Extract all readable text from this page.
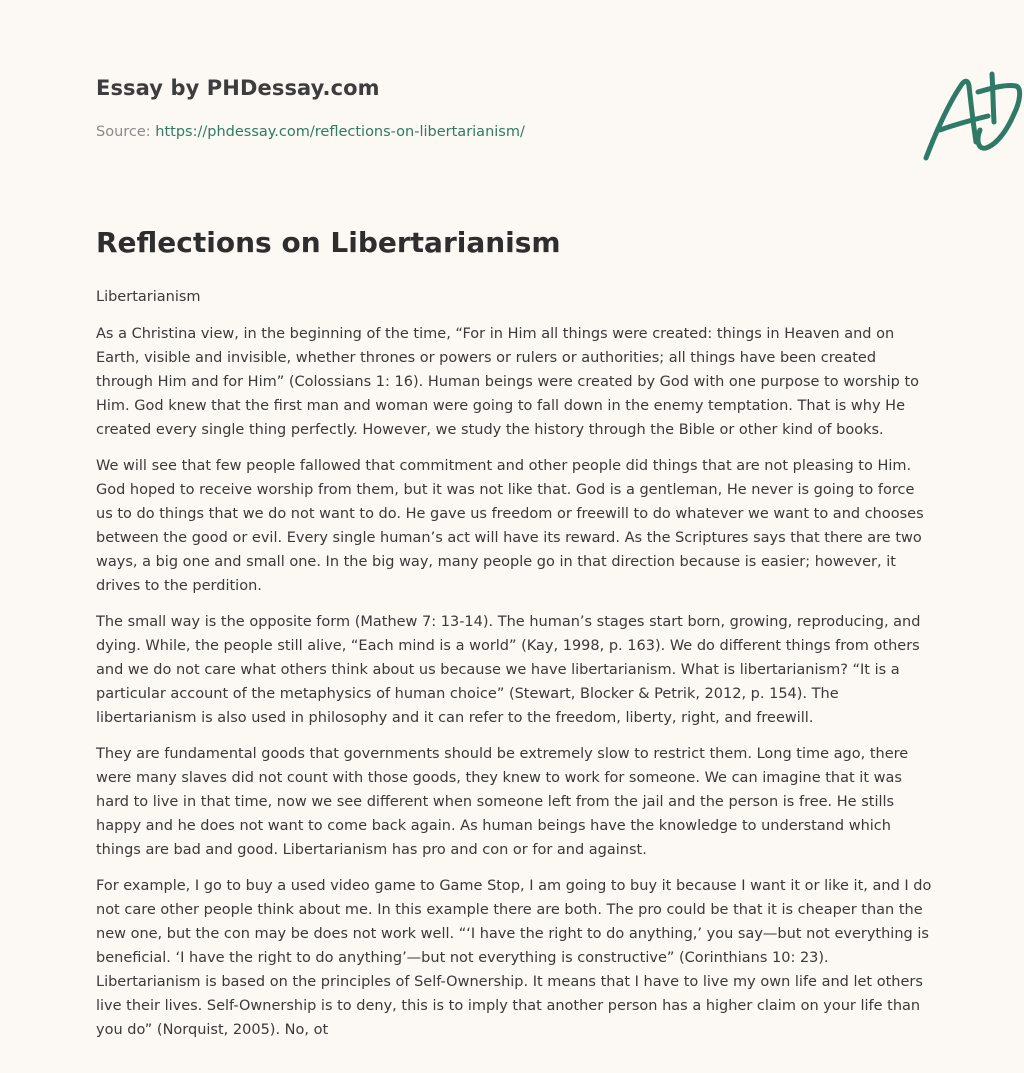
Essay by PHDessay.com
Source: https://phdessay.com/reflections-on-libertarianism/
Reflections on Libertarianism
Libertarianism

As a Christina view, in the beginning of the time, “For in Him all things were created: things in Heaven and on Earth, visible and invisible, whether thrones or powers or rulers or authorities; all things have been created through Him and for Him” (Colossians 1: 16). Human beings were created by God with one purpose to worship to Him. God knew that the first man and woman were going to fall down in the enemy temptation. That is why He created every single thing perfectly. However, we study the history through the Bible or other kind of books.

We will see that few people fallowed that commitment and other people did things that are not pleasing to Him. God hoped to receive worship from them, but it was not like that. God is a gentleman, He never is going to force us to do things that we do not want to do. He gave us freedom or freewill to do whatever we want to and chooses between the good or evil. Every single human’s act will have its reward. As the Scriptures says that there are two ways, a big one and small one. In the big way, many people go in that direction because is easier; however, it drives to the perdition.

The small way is the opposite form (Mathew 7: 13-14). The human’s stages start born, growing, reproducing, and dying. While, the people still alive, “Each mind is a world” (Kay, 1998, p. 163). We do different things from others and we do not care what others think about us because we have libertarianism. What is libertarianism? “It is a particular account of the metaphysics of human choice” (Stewart, Blocker & Petrik, 2012, p. 154). The libertarianism is also used in philosophy and it can refer to the freedom, liberty, right, and freewill.

They are fundamental goods that governments should be extremely slow to restrict them. Long time ago, there were many slaves did not count with those goods, they knew to work for someone. We can imagine that it was hard to live in that time, now we see different when someone left from the jail and the person is free. He stills happy and he does not want to come back again. As human beings have the knowledge to understand which things are bad and good. Libertarianism has pro and con or for and against.

For example, I go to buy a used video game to Game Stop, I am going to buy it because I want it or like it, and I do not care other people think about me. In this example there are both. The pro could be that it is cheaper than the new one, but the con may be does not work well. “‘I have the right to do anything,’ you say—but not everything is beneficial. ‘I have the right to do anything’—but not everything is constructive” (Corinthians 10: 23). Libertarianism is based on the principles of Self-Ownership. It means that I have to live my own life and let others live their lives. Self-Ownership is to deny, this is to imply that another person has a higher claim on your life than you do” (Norquist, 2005). No, ot
